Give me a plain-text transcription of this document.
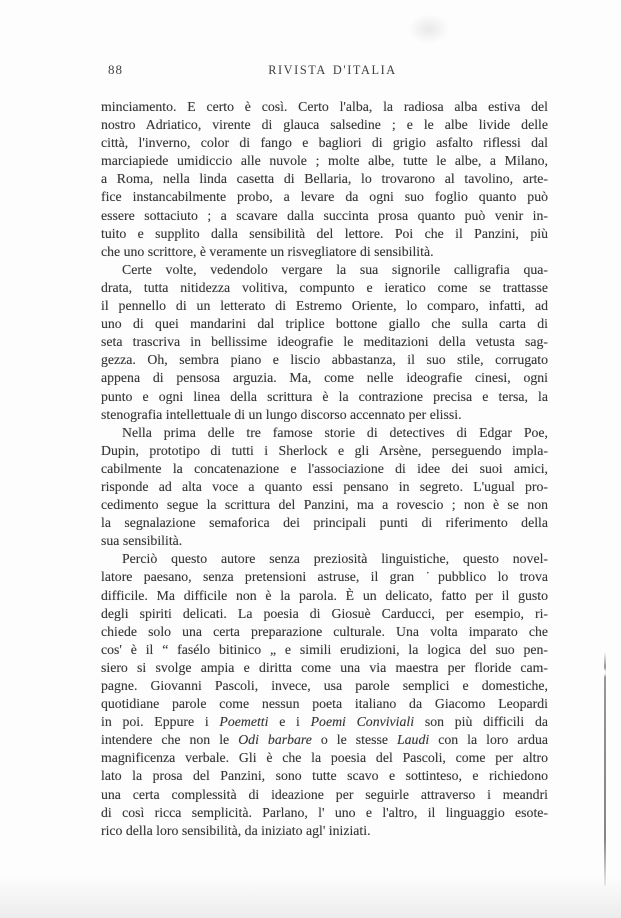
88	RIVISTA D'ITALIA
minciamento. E certo è così. Certo l'alba, la radiosa alba estiva del
nostro Adriatico, virente di glauca salsedine ; e le albe livide delle
città, l'inverno, color di fango e bagliori di grigio asfalto riflessi dal
marciapiede umidiccio alle nuvole ; molte albe, tutte le albe, a Milano,
a Roma, nella linda casetta di Bellaria, lo trovarono al tavolino, arte-
fice instancabilmente probo, a levare da ogni suo foglio quanto può
essere sottaciuto ; a scavare dalla succinta prosa quanto può venir in-
tuito e supplito dalla sensibilità del lettore. Poi che il Panzini, più
che uno scrittore, è veramente un risvegliatore di sensibilità.
Certe volte, vedendolo vergare la sua signorile calligrafia qua-
drata, tutta nitidezza volitiva, compunto e ieratico come se trattasse
il pennello di un letterato di Estremo Oriente, lo comparo, infatti, ad
uno di quei mandarini dal triplice bottone giallo che sulla carta di
seta trascriva in bellissime ideografie le meditazioni della vetusta sag-
gezza. Oh, sembra piano e liscio abbastanza, il suo stile, corrugato
appena di pensosa arguzia. Ma, come nelle ideografie cinesi, ogni
punto e ogni linea della scrittura è la contrazione precisa e tersa, la
stenografia intellettuale di un lungo discorso accennato per elissi.
Nella prima delle tre famose storie di detectives di Edgar Poe,
Dupin, prototipo di tutti i Sherlock e gli Arsène, perseguendo impla-
cabilmente la concatenazione e l'associazione di idee dei suoi amici,
risponde ad alta voce a quanto essi pensano in segreto. L'ugual pro-
cedimento segue la scrittura del Panzini, ma a rovescio ; non è se non
la segnalazione semaforica dei principali punti di riferimento della
sua sensibilità.
Perciò questo autore senza preziosità linguistiche, questo novel-
latore paesano, senza pretensioni astruse, il gran ˙pubblico lo trova
difficile. Ma difficile non è la parola. È un delicato, fatto per il gusto
degli spiriti delicati. La poesia di Giosuè Carducci, per esempio, ri-
chiede solo una certa preparazione culturale. Una volta imparato che
cos' è il “ fasélo bitinico „ e simili erudizioni, la logica del suo pen-
siero si svolge ampia e diritta come una via maestra per floride cam-
pagne. Giovanni Pascoli, invece, usa parole semplici e domestiche,
quotidiane parole come nessun poeta italiano da Giacomo Leopardi
in poi. Eppure i Poemetti e i Poemi Conviviali son più difficili da
intendere che non le Odi barbare o le stesse Laudi con la loro ardua
magnificenza verbale. Gli è che la poesia del Pascoli, come per altro
lato la prosa del Panzini, sono tutte scavo e sottinteso, e richiedono
una certa complessità di ideazione per seguirle attraverso i meandri
di così ricca semplicità. Parlano, l' uno e l'altro, il linguaggio esote-
rico della loro sensibilità, da iniziato agl' iniziati.
